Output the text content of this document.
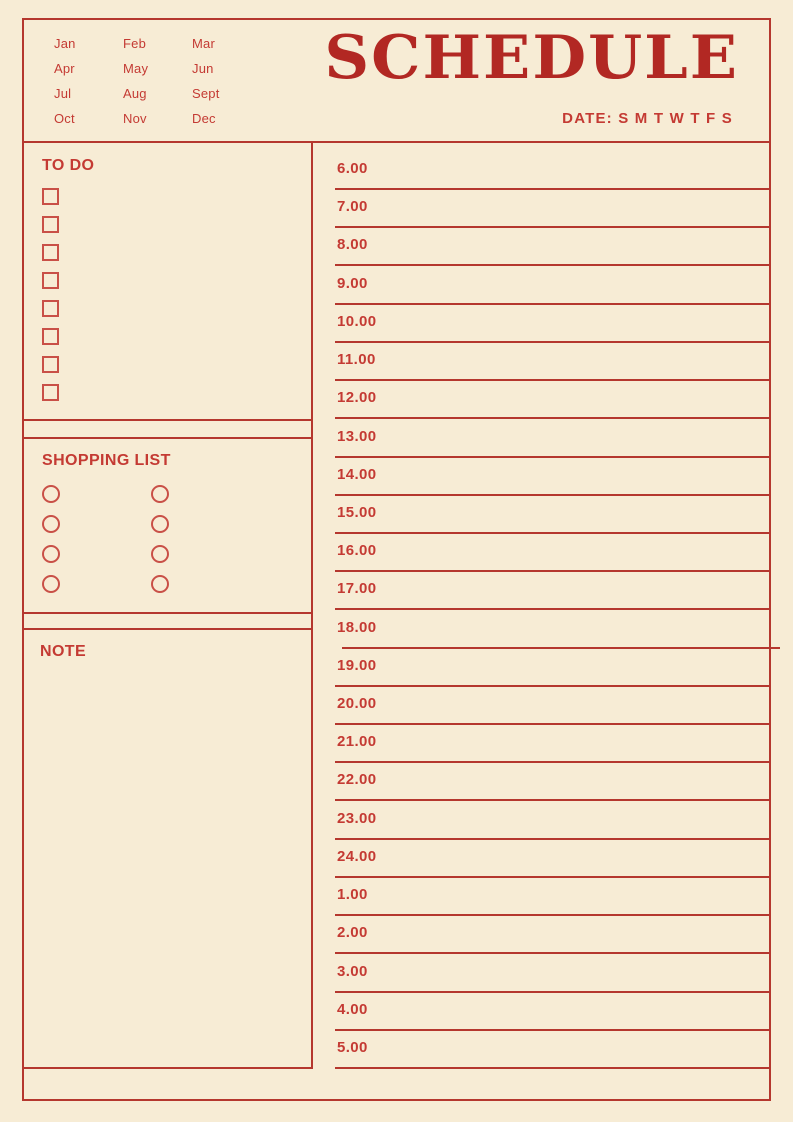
Jan	Feb	Mar
Apr	May	Jun
Jul	Aug	Sept
Oct	Nov	Dec
SCHEDULE
DATE: S M T W T F S
TO DO
SHOPPING LIST
NOTE
6.00
7.00
8.00
9.00
10.00
11.00
12.00
13.00
14.00
15.00
16.00
17.00
18.00
19.00
20.00
21.00
22.00
23.00
24.00
1.00
2.00
3.00
4.00
5.00
